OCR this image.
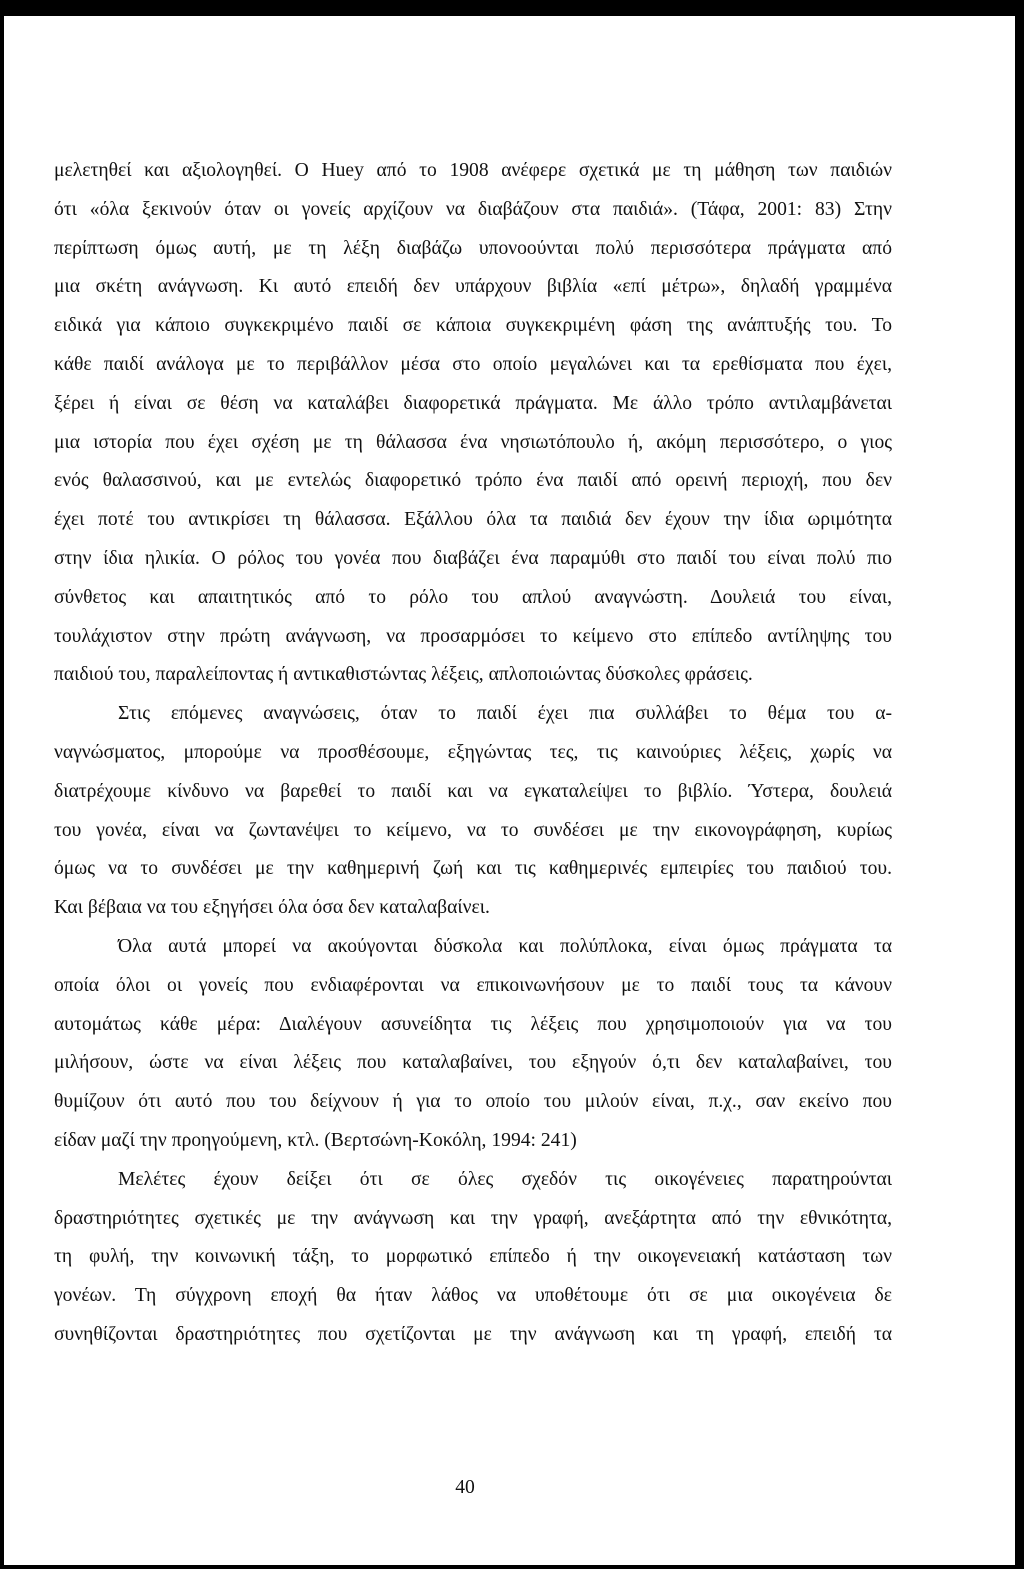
μελετηθεί και αξιολογηθεί. Ο Huey από το 1908 ανέφερε σχετικά με τη μάθηση των παιδιών
ότι «όλα ξεκινούν όταν οι γονείς αρχίζουν να διαβάζουν στα παιδιά». (Τάφα, 2001: 83) Στην
περίπτωση όμως αυτή, με τη λέξη διαβάζω υπονοούνται πολύ περισσότερα πράγματα από
μια σκέτη ανάγνωση. Κι αυτό επειδή δεν υπάρχουν βιβλία «επί μέτρω», δηλαδή γραμμένα
ειδικά για κάποιο συγκεκριμένο παιδί σε κάποια συγκεκριμένη φάση της ανάπτυξής του. Το
κάθε παιδί ανάλογα με το περιβάλλον μέσα στο οποίο μεγαλώνει και τα ερεθίσματα που έχει,
ξέρει ή είναι σε θέση να καταλάβει διαφορετικά πράγματα. Με άλλο τρόπο αντιλαμβάνεται
μια ιστορία που έχει σχέση με τη θάλασσα ένα νησιωτόπουλο ή, ακόμη περισσότερο, ο γιος
ενός θαλασσινού, και με εντελώς διαφορετικό τρόπο ένα παιδί από ορεινή περιοχή, που δεν
έχει ποτέ του αντικρίσει τη θάλασσα. Εξάλλου όλα τα παιδιά δεν έχουν την ίδια ωριμότητα
στην ίδια ηλικία. Ο ρόλος του γονέα που διαβάζει ένα παραμύθι στο παιδί του είναι πολύ πιο
σύνθετος και απαιτητικός από το ρόλο του απλού αναγνώστη. Δουλειά του είναι,
τουλάχιστον στην πρώτη ανάγνωση, να προσαρμόσει το κείμενο στο επίπεδο αντίληψης του
παιδιού του, παραλείποντας ή αντικαθιστώντας λέξεις, απλοποιώντας δύσκολες φράσεις.
Στις επόμενες αναγνώσεις, όταν το παιδί έχει πια συλλάβει το θέμα του α-
ναγνώσματος, μπορούμε να προσθέσουμε, εξηγώντας τες, τις καινούριες λέξεις, χωρίς να
διατρέχουμε κίνδυνο να βαρεθεί το παιδί και να εγκαταλείψει το βιβλίο. Ύστερα, δουλειά
του γονέα, είναι να ζωντανέψει το κείμενο, να το συνδέσει με την εικονογράφηση, κυρίως
όμως να το συνδέσει με την καθημερινή ζωή και τις καθημερινές εμπειρίες του παιδιού του.
Και βέβαια να του εξηγήσει όλα όσα δεν καταλαβαίνει.
Όλα αυτά μπορεί να ακούγονται δύσκολα και πολύπλοκα, είναι όμως πράγματα τα
οποία όλοι οι γονείς που ενδιαφέρονται να επικοινωνήσουν με το παιδί τους τα κάνουν
αυτομάτως κάθε μέρα: Διαλέγουν ασυνείδητα τις λέξεις που χρησιμοποιούν για να του
μιλήσουν, ώστε να είναι λέξεις που καταλαβαίνει, του εξηγούν ό,τι δεν καταλαβαίνει, του
θυμίζουν ότι αυτό που του δείχνουν ή για το οποίο του μιλούν είναι, π.χ., σαν εκείνο που
είδαν μαζί την προηγούμενη, κτλ. (Βερτσώνη-Κοκόλη, 1994: 241)
Μελέτες έχουν δείξει ότι σε όλες σχεδόν τις οικογένειες παρατηρούνται
δραστηριότητες σχετικές με την ανάγνωση και την γραφή, ανεξάρτητα από την εθνικότητα,
τη φυλή, την κοινωνική τάξη, το μορφωτικό επίπεδο ή την οικογενειακή κατάσταση των
γονέων. Τη σύγχρονη εποχή θα ήταν λάθος να υποθέτουμε ότι σε μια οικογένεια δε
συνηθίζονται δραστηριότητες που σχετίζονται με την ανάγνωση και τη γραφή, επειδή τα
40
